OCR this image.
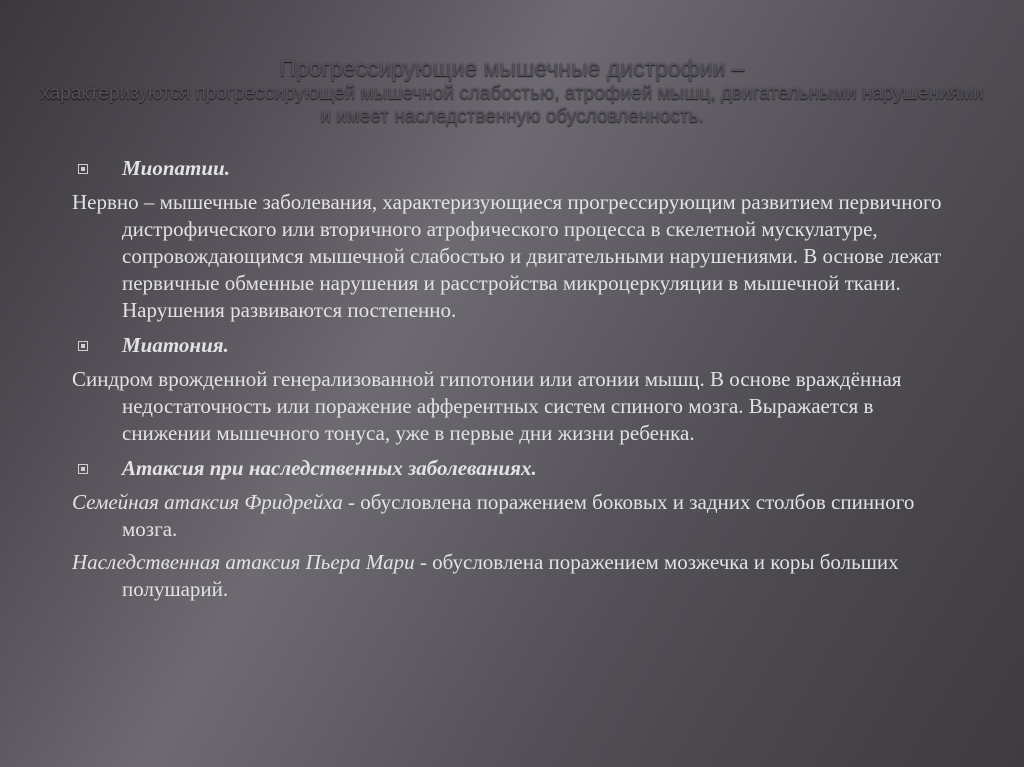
Прогрессирующие мышечные дистрофии –

характеризуются прогрессирующей мышечной слабостью, атрофией мышц, двигательными нарушениями и имеет наследственную обусловленность.

Миопатии.

Нервно – мышечные заболевания, характеризующиеся прогрессирующим развитием первичного дистрофического или вторичного атрофического процесса в скелетной мускулатуре, сопровождающимся мышечной слабостью и двигательными нарушениями. В основе лежат первичные обменные нарушения и расстройства микроцеркуляции в мышечной ткани. Нарушения развиваются постепенно.

Миатония.

Синдром врожденной генерализованной гипотонии или атонии мышц. В основе враждённая недостаточность или поражение афферентных систем спиного мозга. Выражается в снижении мышечного тонуса, уже в первые дни жизни ребенка.

Атаксия при наследственных заболеваниях.

Семейная атаксия Фридрейха - обусловлена поражением боковых и задних столбов спинного мозга.

Наследственная атаксия Пьера Мари - обусловлена поражением мозжечка и коры больших полушарий.
